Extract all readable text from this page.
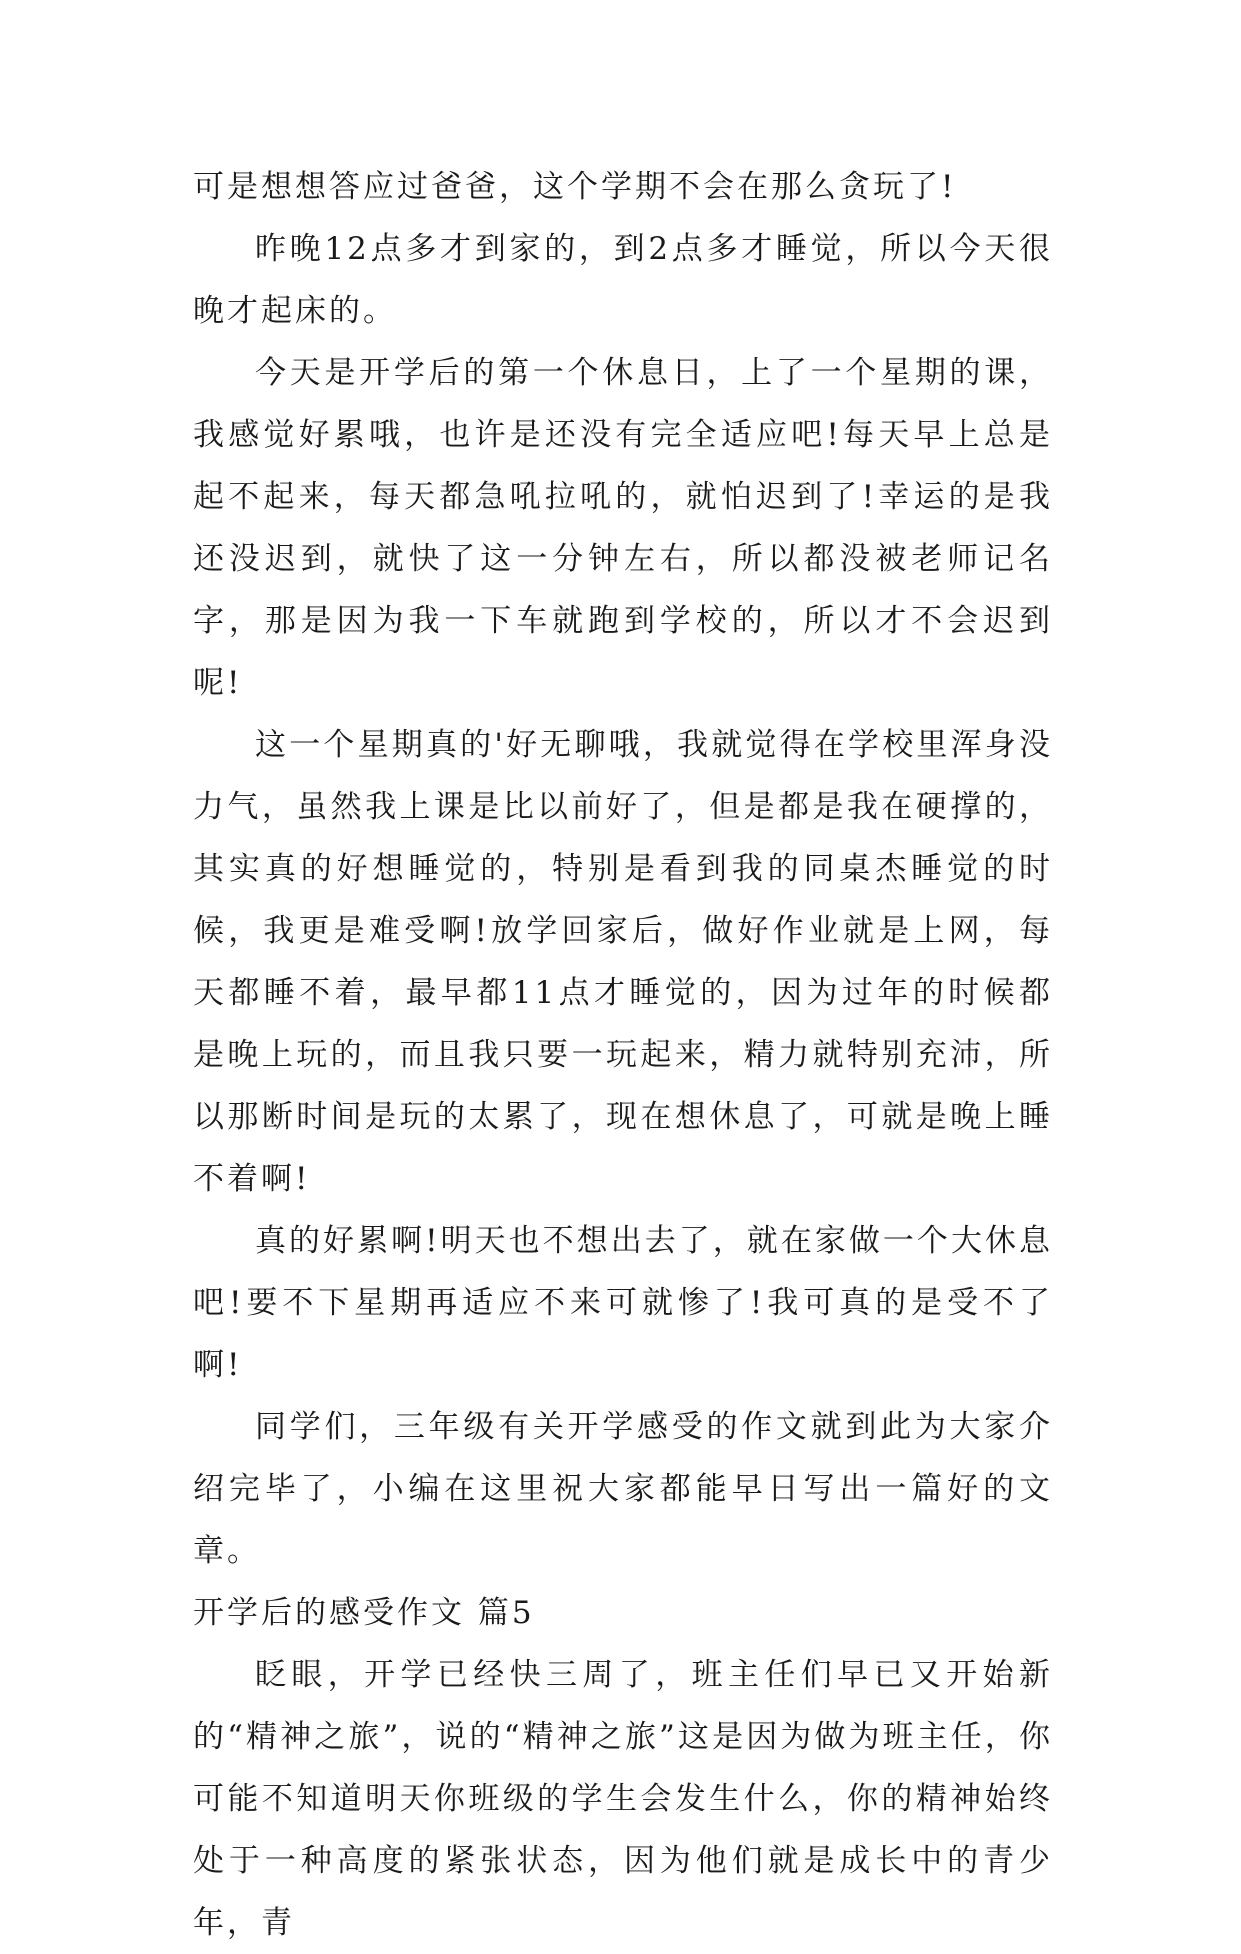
可是想想答应过爸爸，这个学期不会在那么贪玩了!

昨晚12点多才到家的，到2点多才睡觉，所以今天很晚才起床的。

今天是开学后的第一个休息日，上了一个星期的课，我感觉好累哦，也许是还没有完全适应吧!每天早上总是起不起来，每天都急吼拉吼的，就怕迟到了!幸运的是我还没迟到，就快了这一分钟左右，所以都没被老师记名字，那是因为我一下车就跑到学校的，所以才不会迟到呢!

这一个星期真的'好无聊哦，我就觉得在学校里浑身没力气，虽然我上课是比以前好了，但是都是我在硬撑的，其实真的好想睡觉的，特别是看到我的同桌杰睡觉的时候，我更是难受啊!放学回家后，做好作业就是上网，每天都睡不着，最早都11点才睡觉的，因为过年的时候都是晚上玩的，而且我只要一玩起来，精力就特别充沛，所以那断时间是玩的太累了，现在想休息了，可就是晚上睡不着啊!

真的好累啊!明天也不想出去了，就在家做一个大休息吧!要不下星期再适应不来可就惨了!我可真的是受不了啊!

同学们，三年级有关开学感受的作文就到此为大家介绍完毕了，小编在这里祝大家都能早日写出一篇好的文章。

开学后的感受作文 篇5

眨眼，开学已经快三周了，班主任们早已又开始新的“精神之旅”，说的“精神之旅”这是因为做为班主任，你可能不知道明天你班级的学生会发生什么，你的精神始终处于一种高度的紧张状态，因为他们就是成长中的青少年，青
